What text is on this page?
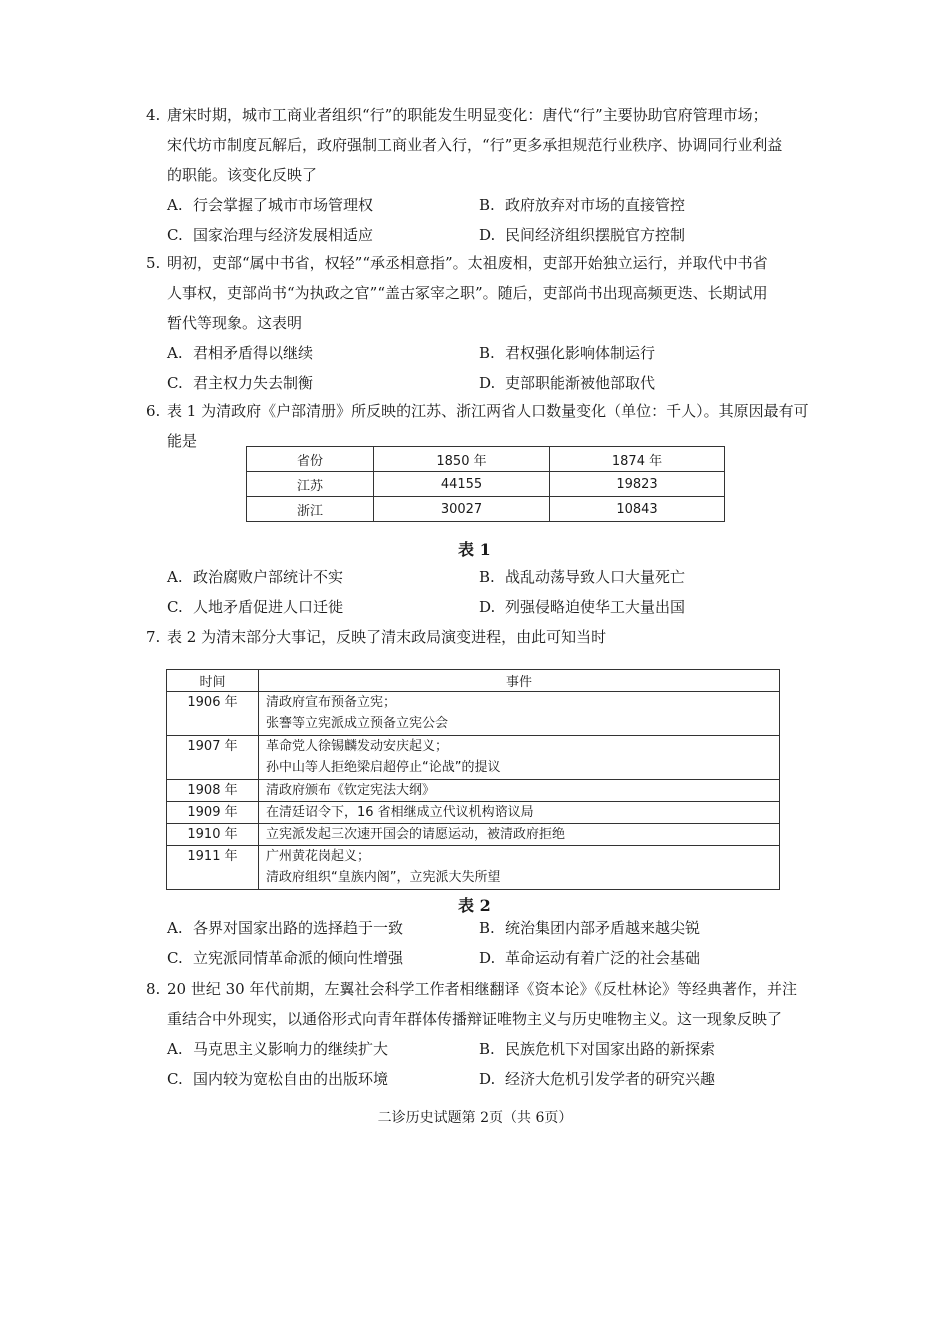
4. 唐宋时期，城市工商业者组织“行”的职能发生明显变化：唐代“行”主要协助官府管理市场；
宋代坊市制度瓦解后，政府强制工商业者入行，“行”更多承担规范行业秩序、协调同行业利益
的职能。该变化反映了
A. 行会掌握了城市市场管理权	B. 政府放弃对市场的直接管控
C. 国家治理与经济发展相适应	D. 民间经济组织摆脱官方控制
5. 明初，吏部“属中书省，权轻”“承丞相意指”。太祖废相，吏部开始独立运行，并取代中书省
人事权，吏部尚书“为执政之官”“盖古冢宰之职”。随后，吏部尚书出现高频更迭、长期试用
暂代等现象。这表明
A. 君相矛盾得以继续	B. 君权强化影响体制运行
C. 君主权力失去制衡	D. 吏部职能渐被他部取代
6. 表 1 为清政府《户部清册》所反映的江苏、浙江两省人口数量变化（单位：千人）。其原因最有可
能是
省份	1850 年	1874 年
江苏	44155	19823
浙江	30027	10843
表 1
A. 政治腐败户部统计不实	B. 战乱动荡导致人口大量死亡
C. 人地矛盾促进人口迁徙	D. 列强侵略迫使华工大量出国
7. 表 2 为清末部分大事记，反映了清末政局演变进程，由此可知当时
时间	事件
1906 年	清政府宣布预备立宪；
张謇等立宪派成立预备立宪公会

1907 年	革命党人徐锡麟发动安庆起义；
孙中山等人拒绝梁启超停止“论战”的提议

1908 年	清政府颁布《钦定宪法大纲》

1909 年	在清廷诏令下，16 省相继成立代议机构谘议局

1910 年	立宪派发起三次速开国会的请愿运动，被清政府拒绝

1911 年	广州黄花岗起义；
清政府组织“皇族内阁”，立宪派大失所望
表 2
A. 各界对国家出路的选择趋于一致	B. 统治集团内部矛盾越来越尖锐
C. 立宪派同情革命派的倾向性增强	D. 革命运动有着广泛的社会基础
8. 20 世纪 30 年代前期，左翼社会科学工作者相继翻译《资本论》《反杜林论》等经典著作，并注
重结合中外现实，以通俗形式向青年群体传播辩证唯物主义与历史唯物主义。这一现象反映了
A. 马克思主义影响力的继续扩大	B. 民族危机下对国家出路的新探索
C. 国内较为宽松自由的出版环境	D. 经济大危机引发学者的研究兴趣
二诊历史试题第 2页（共 6页）
